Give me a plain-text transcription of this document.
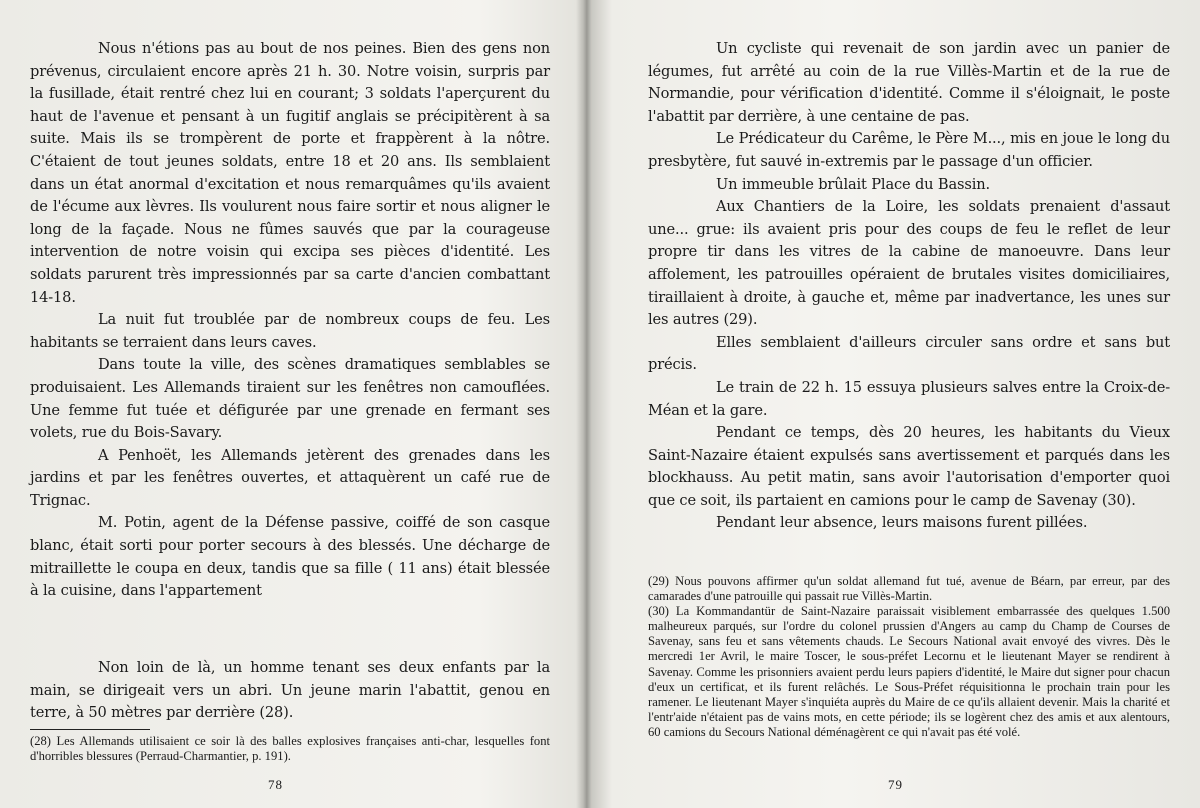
Nous n'étions pas au bout de nos peines. Bien des gens non prévenus, circulaient encore après 21 h. 30. Notre voisin, surpris par la fusillade, était rentré chez lui en courant; 3 soldats l'aperçurent du haut de l'avenue et pensant à un fugitif anglais se précipitèrent à sa suite. Mais ils se trompèrent de porte et frappèrent à la nôtre. C'étaient de tout jeunes soldats, entre 18 et 20 ans. Ils semblaient dans un état anormal d'excitation et nous remarquâmes qu'ils avaient de l'écume aux lèvres. Ils voulurent nous faire sortir et nous aligner le long de la façade. Nous ne fûmes sauvés que par la courageuse intervention de notre voisin qui excipa ses pièces d'identité. Les soldats parurent très impressionnés par sa carte d'ancien combattant 14-18.

La nuit fut troublée par de nombreux coups de feu. Les habitants se terraient dans leurs caves.

Dans toute la ville, des scènes dramatiques semblables se produisaient. Les Allemands tiraient sur les fenêtres non camouflées. Une femme fut tuée et défigurée par une grenade en fermant ses volets, rue du Bois-Savary.

A Penhoët, les Allemands jetèrent des grenades dans les jardins et par les fenêtres ouvertes, et attaquèrent un café rue de Trignac.

M. Potin, agent de la Défense passive, coiffé de son casque blanc, était sorti pour porter secours à des blessés. Une décharge de mitraillette le coupa en deux, tandis que sa fille ( 11 ans) était blessée à la cuisine, dans l'appartement

Non loin de là, un homme tenant ses deux enfants par la main, se dirigeait vers un abri. Un jeune marin l'abattit, genou en terre, à 50 mètres par derrière (28).

(28) Les Allemands utilisaient ce soir là des balles explosives françaises anti-char, lesquelles font d'horribles blessures (Perraud-Charmantier, p. 191).

78

Un cycliste qui revenait de son jardin avec un panier de légumes, fut arrêté au coin de la rue Villès-Martin et de la rue de Normandie, pour vérification d'identité. Comme il s'éloignait, le poste l'abattit par derrière, à une centaine de pas.

Le Prédicateur du Carême, le Père M..., mis en joue le long du presbytère, fut sauvé in-extremis par le passage d'un officier.

Un immeuble brûlait Place du Bassin.

Aux Chantiers de la Loire, les soldats prenaient d'assaut une... grue: ils avaient pris pour des coups de feu le reflet de leur propre tir dans les vitres de la cabine de manoeuvre. Dans leur affolement, les patrouilles opéraient de brutales visites domiciliaires, tiraillaient à droite, à gauche et, même par inadvertance, les unes sur les autres (29).

Elles semblaient d'ailleurs circuler sans ordre et sans but précis.

Le train de 22 h. 15 essuya plusieurs salves entre la Croix-de-Méan et la gare.

Pendant ce temps, dès 20 heures, les habitants du Vieux Saint-Nazaire étaient expulsés sans avertissement et parqués dans les blockhauss. Au petit matin, sans avoir l'autorisation d'emporter quoi que ce soit, ils partaient en camions pour le camp de Savenay (30).

Pendant leur absence, leurs maisons furent pillées.

(29) Nous pouvons affirmer qu'un soldat allemand fut tué, avenue de Béarn, par erreur, par des camarades d'une patrouille qui passait rue Villès-Martin.

(30) La Kommandantür de Saint-Nazaire paraissait visiblement embarrassée des quelques 1.500 malheureux parqués, sur l'ordre du colonel prussien d'Angers au camp du Champ de Courses de Savenay, sans feu et sans vêtements chauds. Le Secours National avait envoyé des vivres. Dès le mercredi 1er Avril, le maire Toscer, le sous-préfet Lecornu et le lieutenant Mayer se rendirent à Savenay. Comme les prisonniers avaient perdu leurs papiers d'identité, le Maire dut signer pour chacun d'eux un certificat, et ils furent relâchés. Le Sous-Préfet réquisitionna le prochain train pour les ramener. Le lieutenant Mayer s'inquiéta auprès du Maire de ce qu'ils allaient devenir. Mais la charité et l'entr'aide n'étaient pas de vains mots, en cette période; ils se logèrent chez des amis et aux alentours, 60 camions du Secours National déménagèrent ce qui n'avait pas été volé.

79
